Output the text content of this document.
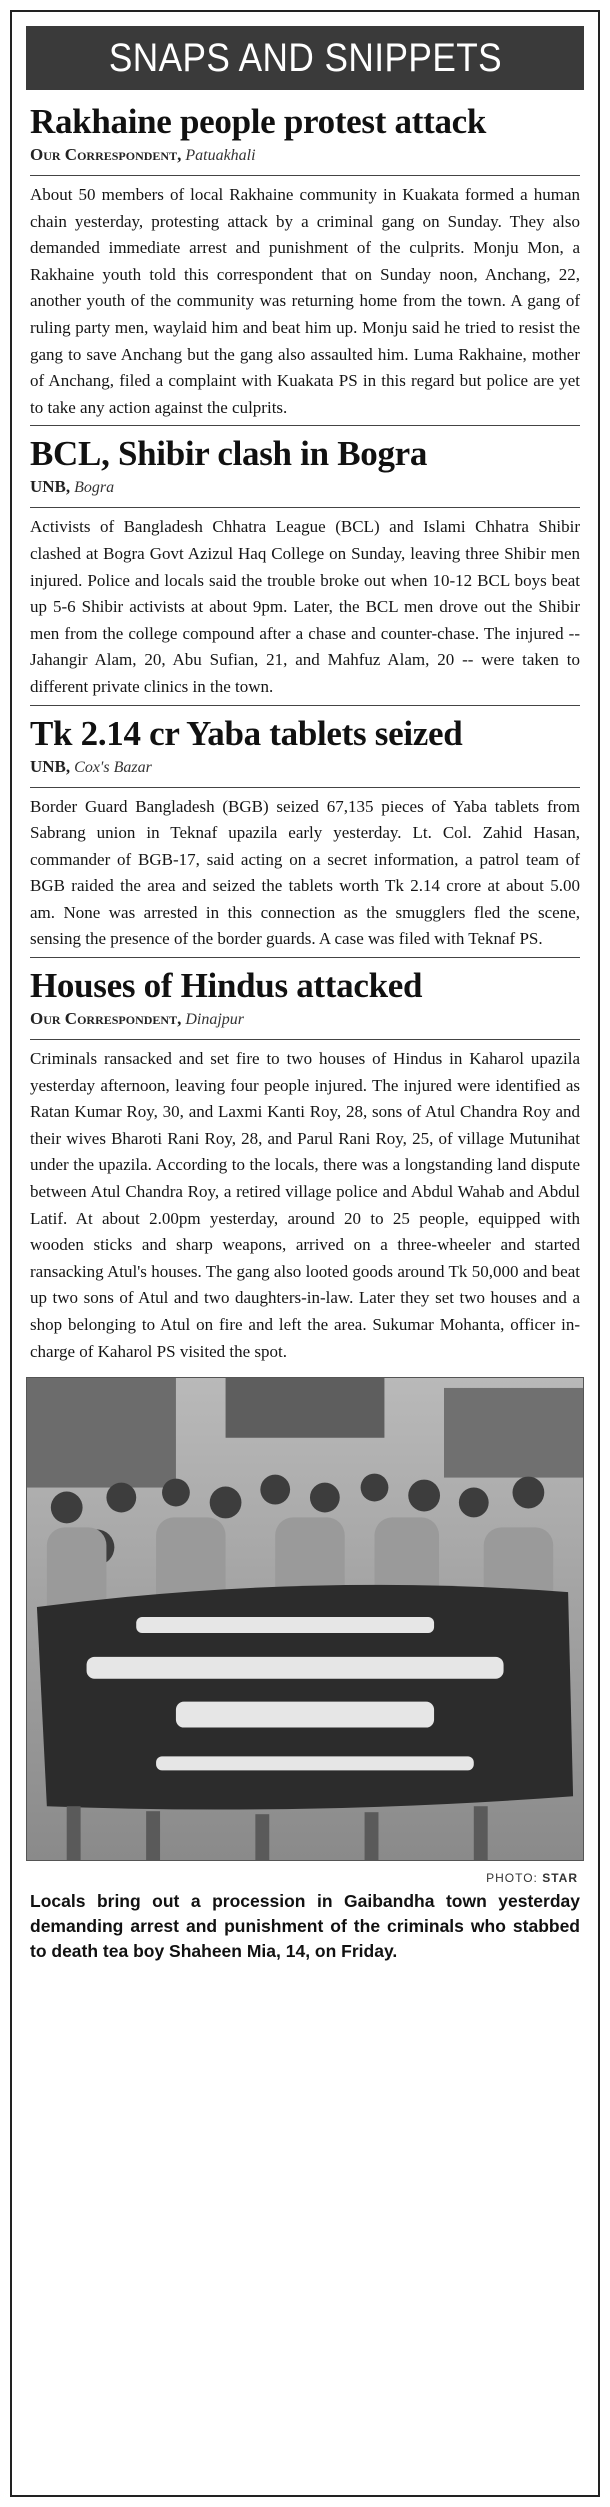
SNAPS AND SNIPPETS
Rakhaine people protest attack
Our Correspondent, Patuakhali

About 50 members of local Rakhaine community in Kuakata formed a human chain yesterday, protesting attack by a criminal gang on Sunday. They also demanded immediate arrest and punishment of the culprits. Monju Mon, a Rakhaine youth told this correspondent that on Sunday noon, Anchang, 22, another youth of the community was returning home from the town. A gang of ruling party men, waylaid him and beat him up. Monju said he tried to resist the gang to save Anchang but the gang also assaulted him. Luma Rakhaine, mother of Anchang, filed a complaint with Kuakata PS in this regard but police are yet to take any action against the culprits.

BCL, Shibir clash in Bogra
UNB, Bogra

Activists of Bangladesh Chhatra League (BCL) and Islami Chhatra Shibir clashed at Bogra Govt Azizul Haq College on Sunday, leaving three Shibir men injured. Police and locals said the trouble broke out when 10-12 BCL boys beat up 5-6 Shibir activists at about 9pm. Later, the BCL men drove out the Shibir men from the college compound after a chase and counter-chase. The injured -- Jahangir Alam, 20, Abu Sufian, 21, and Mahfuz Alam, 20 -- were taken to different private clinics in the town.

Tk 2.14 cr Yaba tablets seized
UNB, Cox's Bazar

Border Guard Bangladesh (BGB) seized 67,135 pieces of Yaba tablets from Sabrang union in Teknaf upazila early yesterday. Lt. Col. Zahid Hasan, commander of BGB-17, said acting on a secret information, a patrol team of BGB raided the area and seized the tablets worth Tk 2.14 crore at about 5.00 am. None was arrested in this connection as the smugglers fled the scene, sensing the presence of the border guards. A case was filed with Teknaf PS.

Houses of Hindus attacked
Our Correspondent, Dinajpur

Criminals ransacked and set fire to two houses of Hindus in Kaharol upazila yesterday afternoon, leaving four people injured. The injured were identified as Ratan Kumar Roy, 30, and Laxmi Kanti Roy, 28, sons of Atul Chandra Roy and their wives Bharoti Rani Roy, 28, and Parul Rani Roy, 25, of village Mutunihat under the upazila. According to the locals, there was a longstanding land dispute between Atul Chandra Roy, a retired village police and Abdul Wahab and Abdul Latif. At about 2.00pm yesterday, around 20 to 25 people, equipped with wooden sticks and sharp weapons, arrived on a three-wheeler and started ransacking Atul's houses. The gang also looted goods around Tk 50,000 and beat up two sons of Atul and two daughters-in-law. Later they set two houses and a shop belonging to Atul on fire and left the area. Sukumar Mohanta, officer in-charge of Kaharol PS visited the spot.

PHOTO: STAR

Locals bring out a procession in Gaibandha town yesterday demanding arrest and punishment of the criminals who stabbed to death tea boy Shaheen Mia, 14, on Friday.
